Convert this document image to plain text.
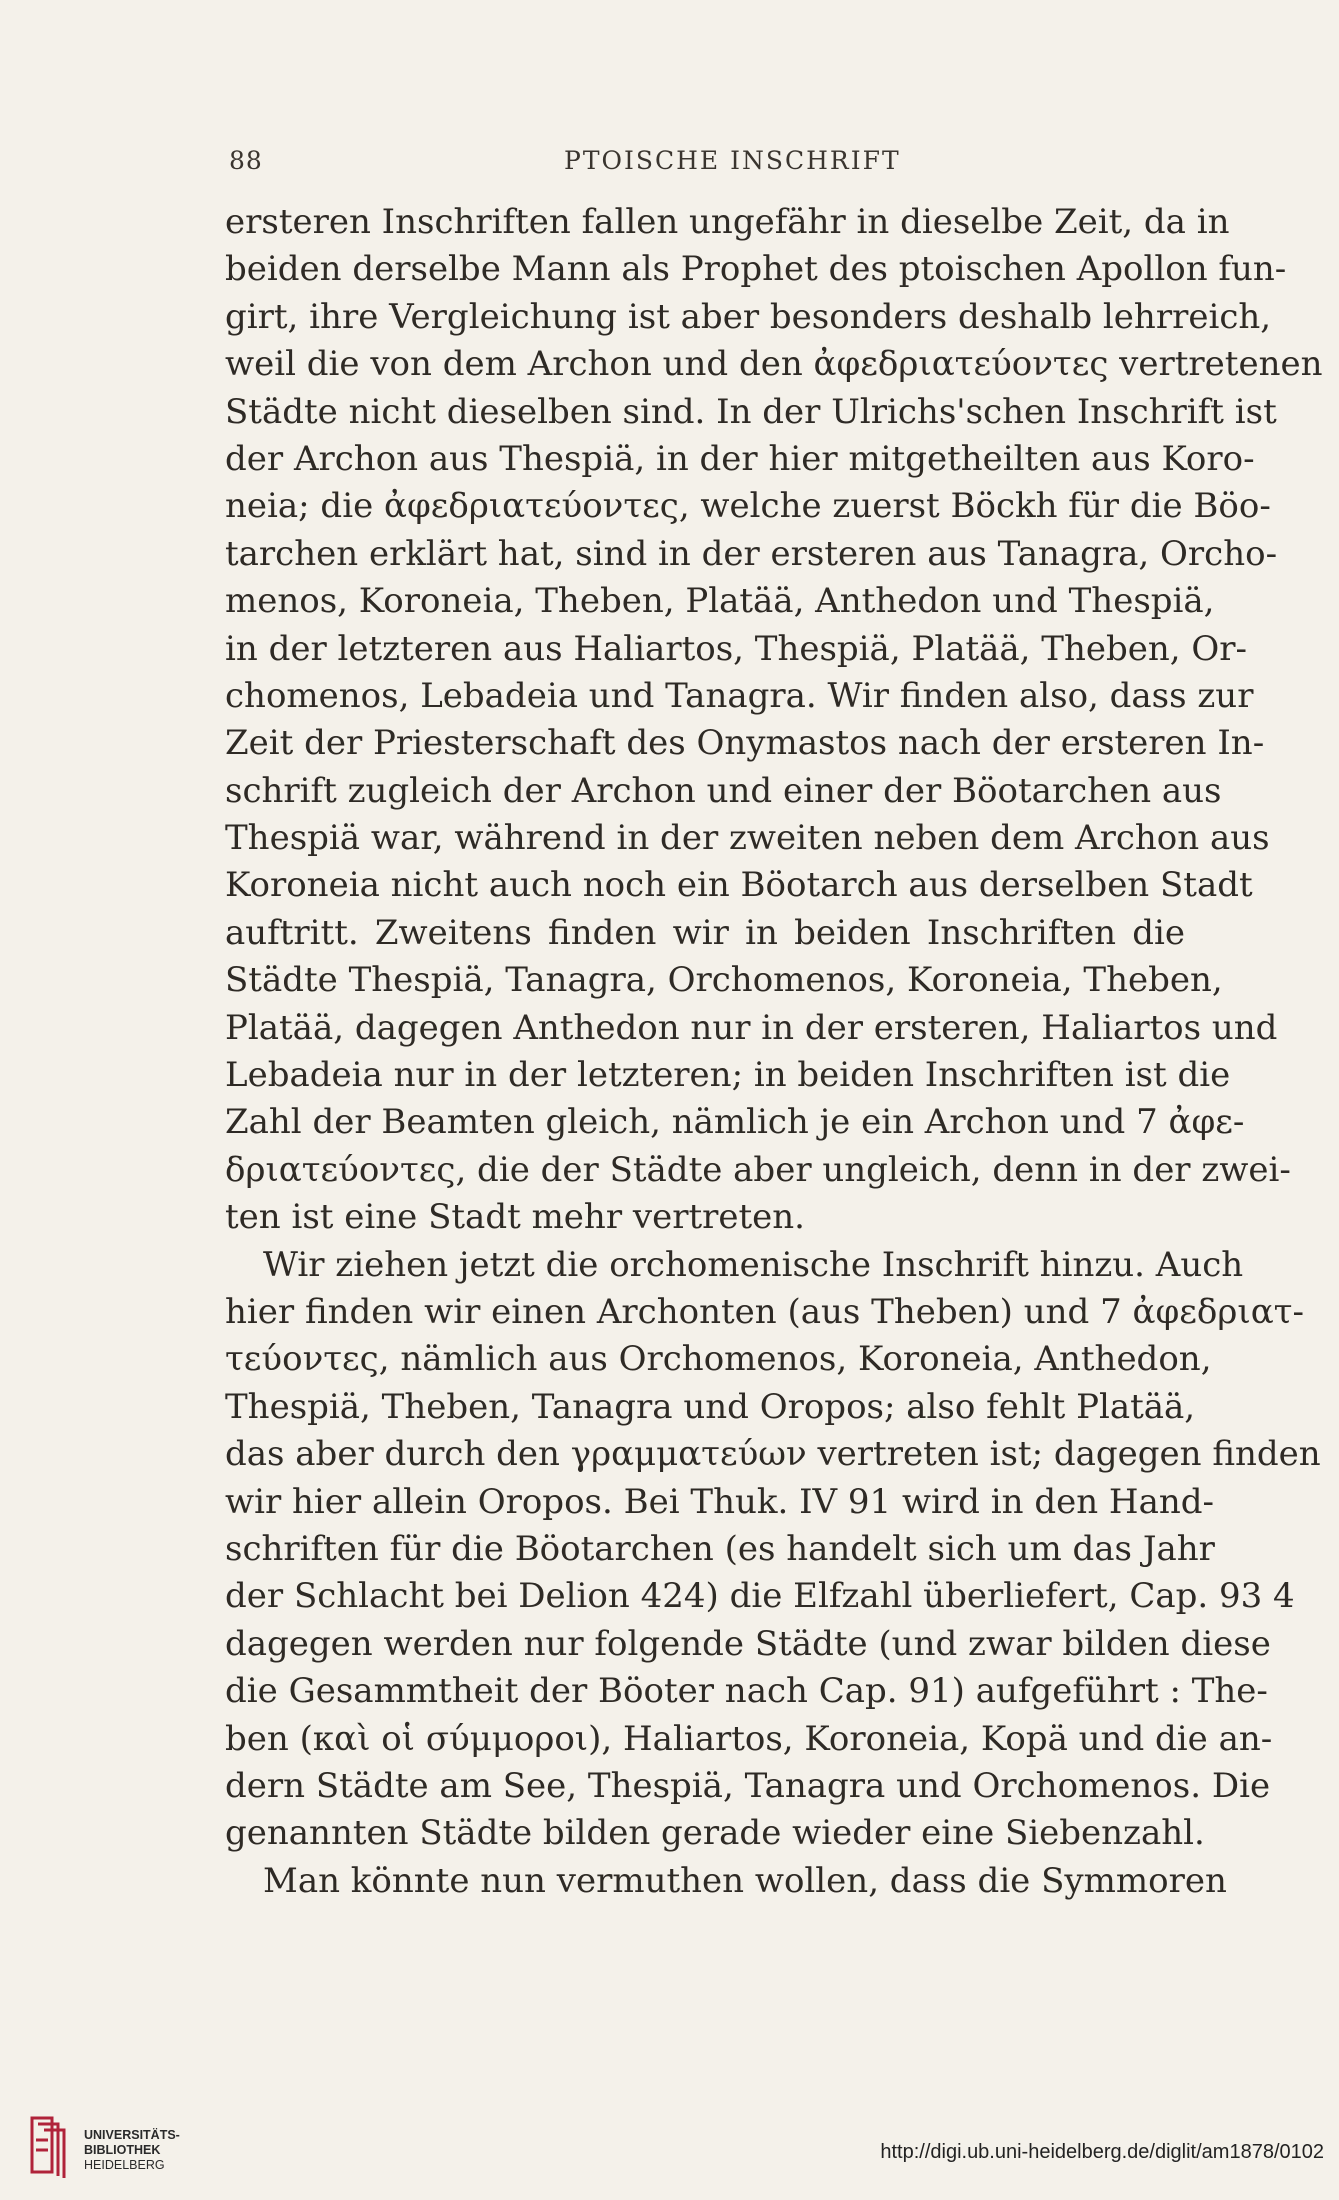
88	PTOISCHE INSCHRIFT
ersteren Inschriften fallen ungefähr in dieselbe Zeit, da in
beiden derselbe Mann als Prophet des ptoischen Apollon fun-
girt, ihre Vergleichung ist aber besonders deshalb lehrreich,
weil die von dem Archon und den ἀφεδριατεύοντες vertretenen
Städte nicht dieselben sind. In der Ulrichs'schen Inschrift ist
der Archon aus Thespiä, in der hier mitgetheilten aus Koro-
neia; die ἀφεδριατεύοντες, welche zuerst Böckh für die Böo-
tarchen erklärt hat, sind in der ersteren aus Tanagra, Orcho-
menos, Koroneia, Theben, Platää, Anthedon und Thespiä,
in der letzteren aus Haliartos, Thespiä, Platää, Theben, Or-
chomenos, Lebadeia und Tanagra. Wir finden also, dass zur
Zeit der Priesterschaft des Onymastos nach der ersteren In-
schrift zugleich der Archon und einer der Böotarchen aus
Thespiä war, während in der zweiten neben dem Archon aus
Koroneia nicht auch noch ein Böotarch aus derselben Stadt
auftritt. Zweitens finden wir in beiden Inschriften die
Städte Thespiä, Tanagra, Orchomenos, Koroneia, Theben,
Platää, dagegen Anthedon nur in der ersteren, Haliartos und
Lebadeia nur in der letzteren; in beiden Inschriften ist die
Zahl der Beamten gleich, nämlich je ein Archon und 7 ἀφε-
δριατεύοντες, die der Städte aber ungleich, denn in der zwei-
ten ist eine Stadt mehr vertreten.
Wir ziehen jetzt die orchomenische Inschrift hinzu. Auch
hier finden wir einen Archonten (aus Theben) und 7 ἀφεδριατ-
τεύοντες, nämlich aus Orchomenos, Koroneia, Anthedon,
Thespiä, Theben, Tanagra und Oropos; also fehlt Platää,
das aber durch den γραμματεύων vertreten ist; dagegen finden
wir hier allein Oropos. Bei Thuk. IV 91 wird in den Hand-
schriften für die Böotarchen (es handelt sich um das Jahr
der Schlacht bei Delion 424) die Elfzahl überliefert, Cap. 93 4
dagegen werden nur folgende Städte (und zwar bilden diese
die Gesammtheit der Böoter nach Cap. 91) aufgeführt : The-
ben (καὶ οἱ σύμμοροι), Haliartos, Koroneia, Kopä und die an-
dern Städte am See, Thespiä, Tanagra und Orchomenos. Die
genannten Städte bilden gerade wieder eine Siebenzahl.
Man könnte nun vermuthen wollen, dass die Symmoren
UNIVERSITÄTS-
BIBLIOTHEK
HEIDELBERG
http://digi.ub.uni-heidelberg.de/diglit/am1878/0102
